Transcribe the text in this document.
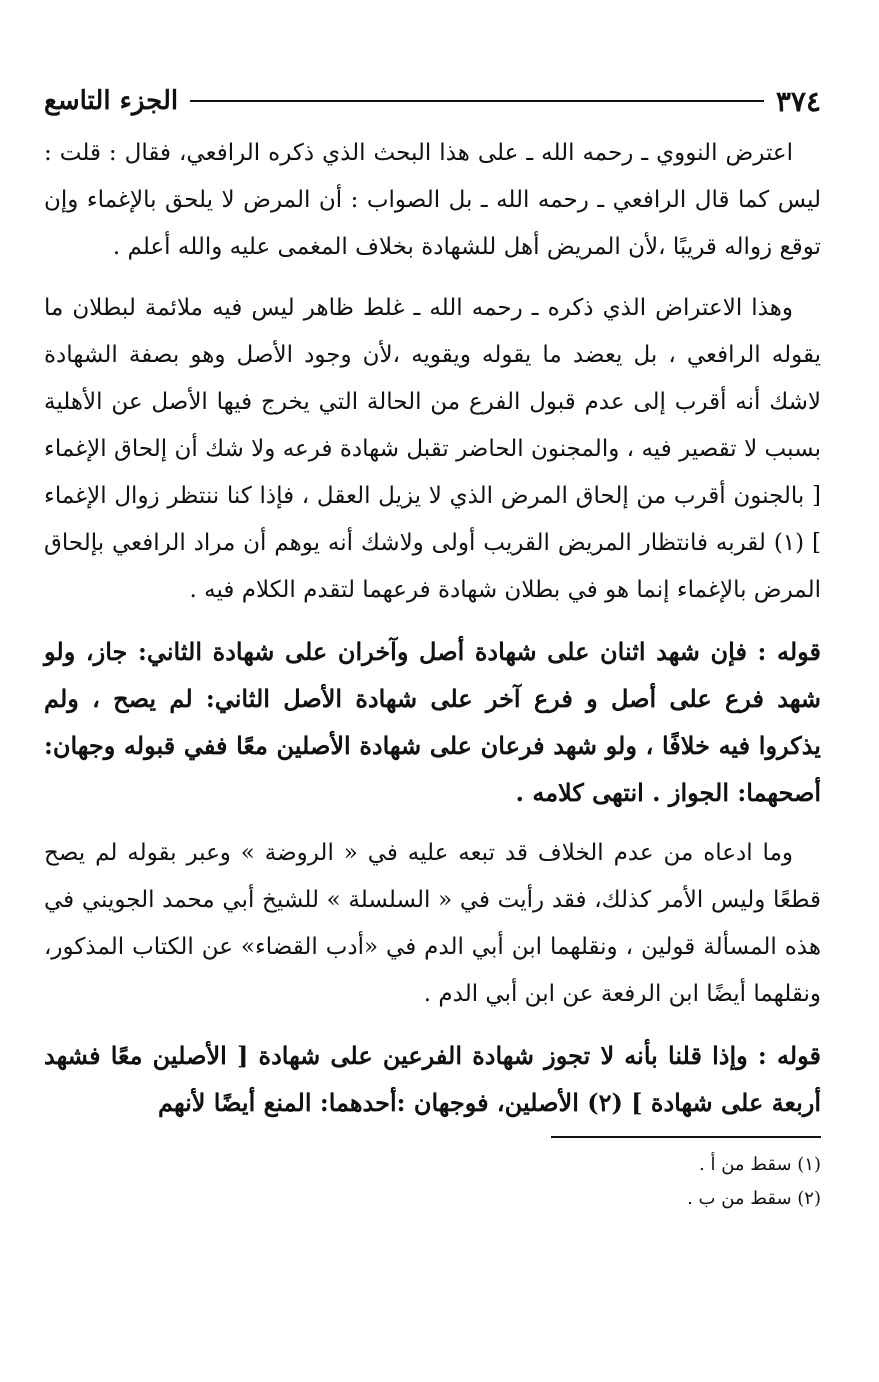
٣٧٤
الجزء التاسع

اعترض النووي ـ رحمه الله ـ على هذا البحث الذي ذكره الرافعي، فقال : قلت : ليس كما قال الرافعي ـ رحمه الله ـ بل الصواب : أن المرض لا يلحق بالإغماء وإن توقع زواله قريبًا ،لأن المريض أهل للشهادة بخلاف المغمى عليه والله أعلم .

وهذا الاعتراض الذي ذكره ـ رحمه الله ـ غلط ظاهر ليس فيه ملائمة لبطلان ما يقوله الرافعي ، بل يعضد ما يقوله ويقويه ،لأن وجود الأصل وهو بصفة الشهادة لاشك أنه أقرب إلى عدم قبول الفرع من الحالة التي يخرج فيها الأصل عن الأهلية بسبب لا تقصير فيه ، والمجنون الحاضر تقبل شهادة فرعه ولا شك أن إلحاق الإغماء [ بالجنون أقرب من إلحاق المرض الذي لا يزيل العقل ، فإذا كنا ننتظر زوال الإغماء ] (١) لقربه فانتظار المريض القريب أولى ولاشك أنه يوهم أن مراد الرافعي بإلحاق المرض بالإغماء إنما هو في بطلان شهادة فرعهما لتقدم الكلام فيه .

قوله : فإن شهد اثنان على شهادة أصل وآخران على شهادة الثاني: جاز، ولو شهد فرع على أصل و فرع آخر على شهادة الأصل الثاني: لم يصح ، ولم يذكروا فيه خلافًا ، ولو شهد فرعان على شهادة الأصلين معًا ففي قبوله وجهان: أصحهما: الجواز . انتهى كلامه .

وما ادعاه من عدم الخلاف قد تبعه عليه في « الروضة » وعبر بقوله لم يصح قطعًا وليس الأمر كذلك، فقد رأيت في « السلسلة » للشيخ أبي محمد الجويني في هذه المسألة قولين ، ونقلهما ابن أبي الدم في «أدب القضاء» عن الكتاب المذكور، ونقلهما أيضًا ابن الرفعة عن ابن أبي الدم .

قوله : وإذا قلنا بأنه لا تجوز شهادة الفرعين على شهادة [ الأصلين معًا فشهد أربعة على شهادة ] (٢) الأصلين، فوجهان :أحدهما: المنع أيضًا لأنهم

(١) سقط من أ .

(٢) سقط من ب .
